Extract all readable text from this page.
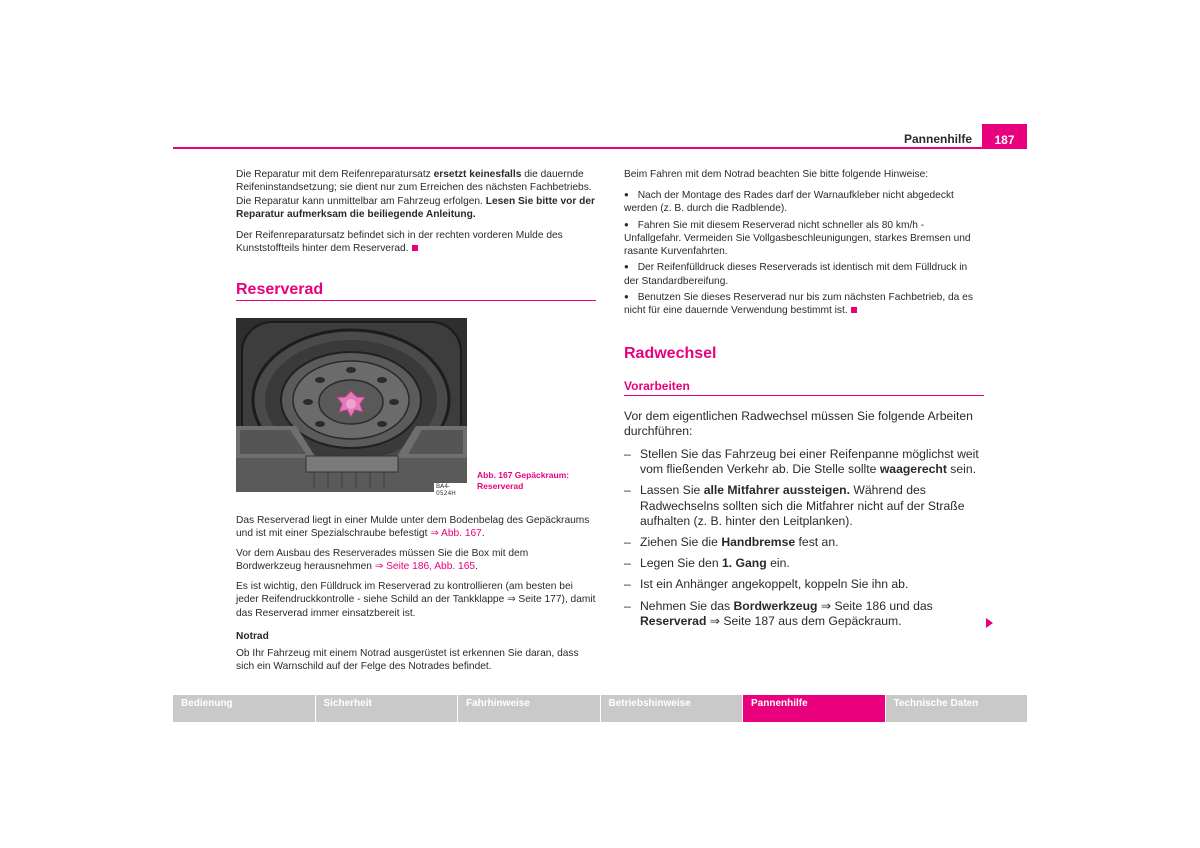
Pannenhilfe	187

Die Reparatur mit dem Reifenreparatursatz ersetzt keinesfalls die dauernde Reifeninstandsetzung; sie dient nur zum Erreichen des nächsten Fachbetriebs. Die Reparatur kann unmittelbar am Fahrzeug erfolgen. Lesen Sie bitte vor der Reparatur aufmerksam die beiliegende Anleitung.

Der Reifenreparatursatz befindet sich in der rechten vorderen Mulde des Kunststoffteils hinter dem Reserverad.

Reserverad
BA4-0524H
Abb. 167 Gepäckraum:
Reserverad

Das Reserverad liegt in einer Mulde unter dem Bodenbelag des Gepäckraums und ist mit einer Spezialschraube befestigt ⇒ Abb. 167.

Vor dem Ausbau des Reserverades müssen Sie die Box mit dem Bordwerkzeug herausnehmen ⇒ Seite 186, Abb. 165.

Es ist wichtig, den Fülldruck im Reserverad zu kontrollieren (am besten bei jeder Reifendruckkontrolle - siehe Schild an der Tankklappe ⇒ Seite 177), damit das Reserverad immer einsatzbereit ist.

Notrad

Ob Ihr Fahrzeug mit einem Notrad ausgerüstet ist erkennen Sie daran, dass sich ein Warnschild auf der Felge des Notrades befindet.

Beim Fahren mit dem Notrad beachten Sie bitte folgende Hinweise:
● Nach der Montage des Rades darf der Warnaufkleber nicht abgedeckt werden (z. B. durch die Radblende).
● Fahren Sie mit diesem Reserverad nicht schneller als 80 km/h - Unfallgefahr. Vermeiden Sie Vollgasbeschleunigungen, starkes Bremsen und rasante Kurvenfahrten.
● Der Reifenfülldruck dieses Reserverads ist identisch mit dem Fülldruck in der Standardbereifung.
● Benutzen Sie dieses Reserverad nur bis zum nächsten Fachbetrieb, da es nicht für eine dauernde Verwendung bestimmt ist.
Radwechsel
Vorarbeiten
Vor dem eigentlichen Radwechsel müssen Sie folgende Arbeiten durchführen:
– Stellen Sie das Fahrzeug bei einer Reifenpanne möglichst weit vom fließenden Verkehr ab. Die Stelle sollte waagerecht sein.
– Lassen Sie alle Mitfahrer aussteigen. Während des Radwechselns sollten sich die Mitfahrer nicht auf der Straße aufhalten (z. B. hinter den Leitplanken).
– Ziehen Sie die Handbremse fest an.
– Legen Sie den 1. Gang ein.
– Ist ein Anhänger angekoppelt, koppeln Sie ihn ab.
– Nehmen Sie das Bordwerkzeug ⇒ Seite 186 und das Reserverad ⇒ Seite 187 aus dem Gepäckraum.
Bedienung	Sicherheit	Fahrhinweise	Betriebshinweise	Pannenhilfe	Technische Daten
